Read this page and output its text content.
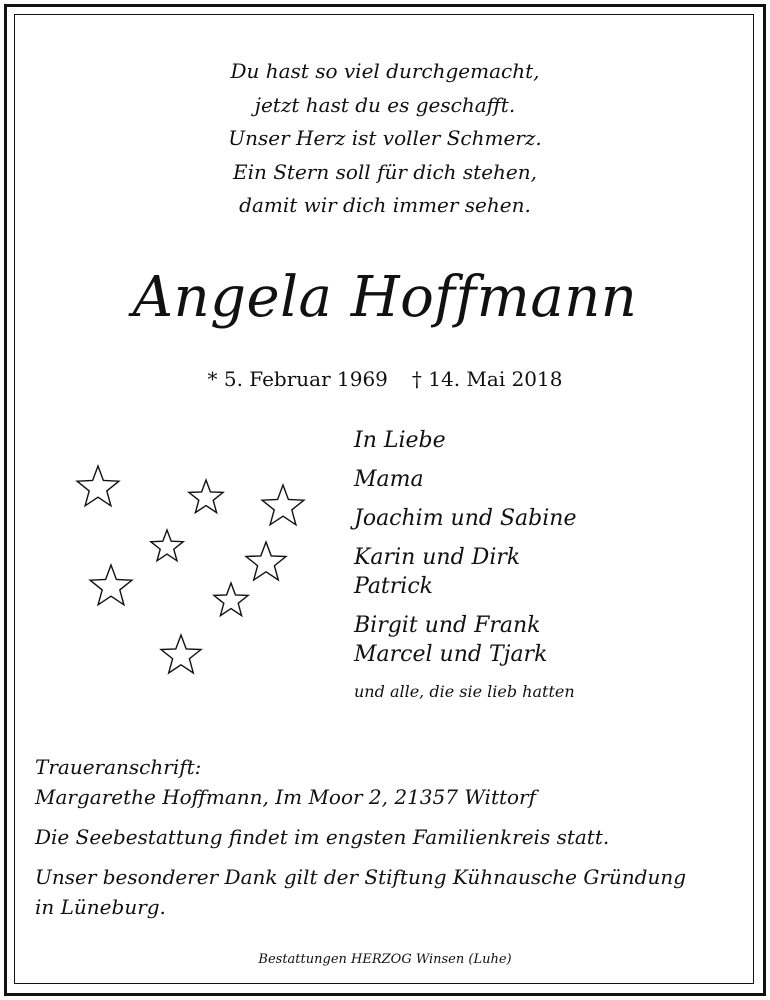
Du hast so viel durchgemacht,
jetzt hast du es geschafft.
Unser Herz ist voller Schmerz.
Ein Stern soll für dich stehen,
damit wir dich immer sehen.
Angela Hoffmann
* 5. Februar 1969 † 14. Mai 2018
In Liebe
Mama
Joachim und Sabine
Karin und Dirk
Patrick
Birgit und Frank
Marcel und Tjark
und alle, die sie lieb hatten
Traueranschrift:
Margarethe Hoffmann, Im Moor 2, 21357 Wittorf
Die Seebestattung findet im engsten Familienkreis statt.
Unser besonderer Dank gilt der Stiftung Kühnausche Gründung
in Lüneburg.
Bestattungen HERZOG Winsen (Luhe)
